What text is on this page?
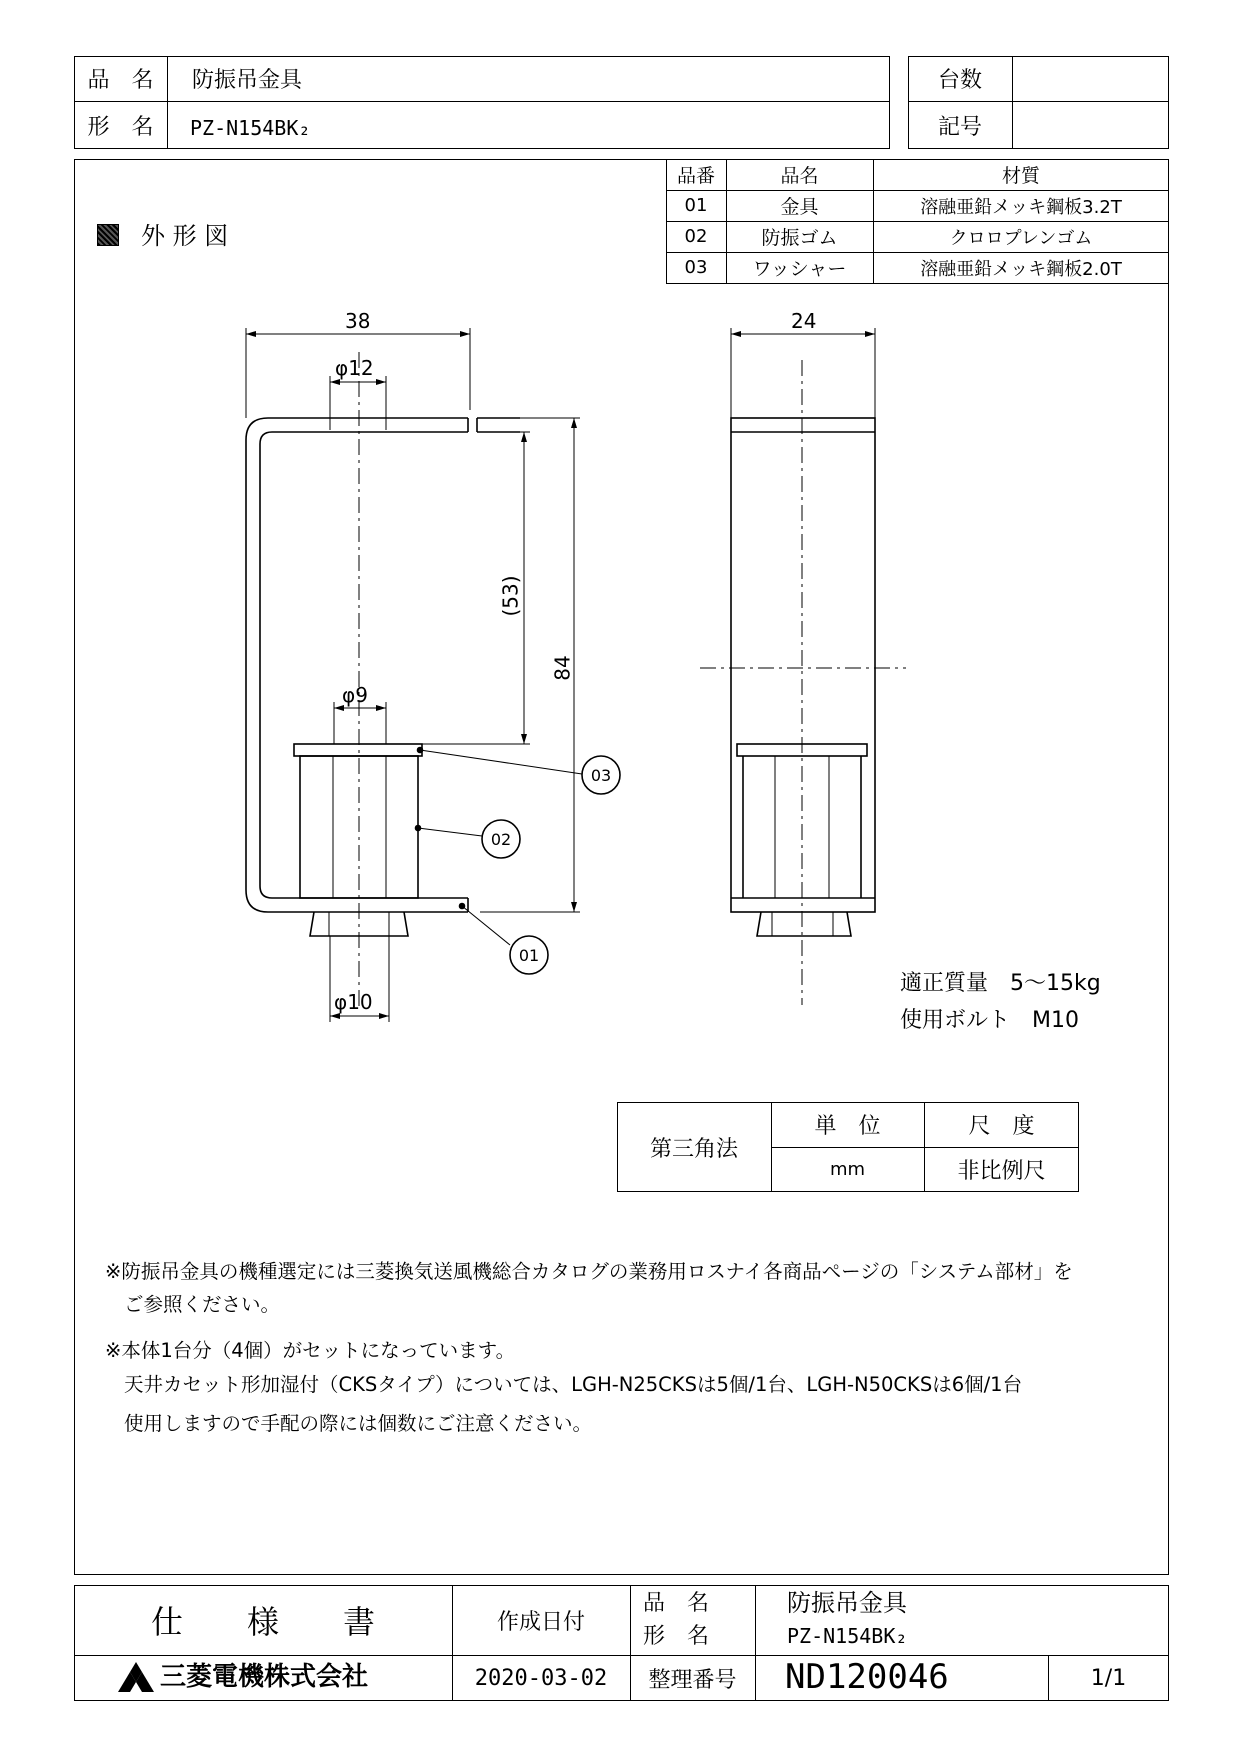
品　名	防振吊金具
形　名	PZ-N154BK₂
台数
記号
外 形 図
品番	品名	材質
01	金具	溶融亜鉛メッキ鋼板3.2T
02	防振ゴム	クロロプレンゴム
03	ワッシャー	溶融亜鉛メッキ鋼板2.0T
38
φ12
φ9
φ10
(53)
84
24
03
02
01
適正質量　5～15kg
使用ボルト　M10
第三角法
単　位	尺　度
mm	非比例尺
※防振吊金具の機種選定には三菱換気送風機総合カタログの業務用ロスナイ各商品ページの「システム部材」を
ご参照ください。
※本体1台分（4個）がセットになっています。
天井カセット形加湿付（CKSタイプ）については、LGH-N25CKSは5個/1台、LGH-N50CKSは6個/1台
使用しますので手配の際には個数にご注意ください。
仕　　様　　書	作成日付
品　名
形　名
防振吊金具
PZ-N154BK₂
三菱電機株式会社	2020-03-02	整理番号	ND120046	1/1
